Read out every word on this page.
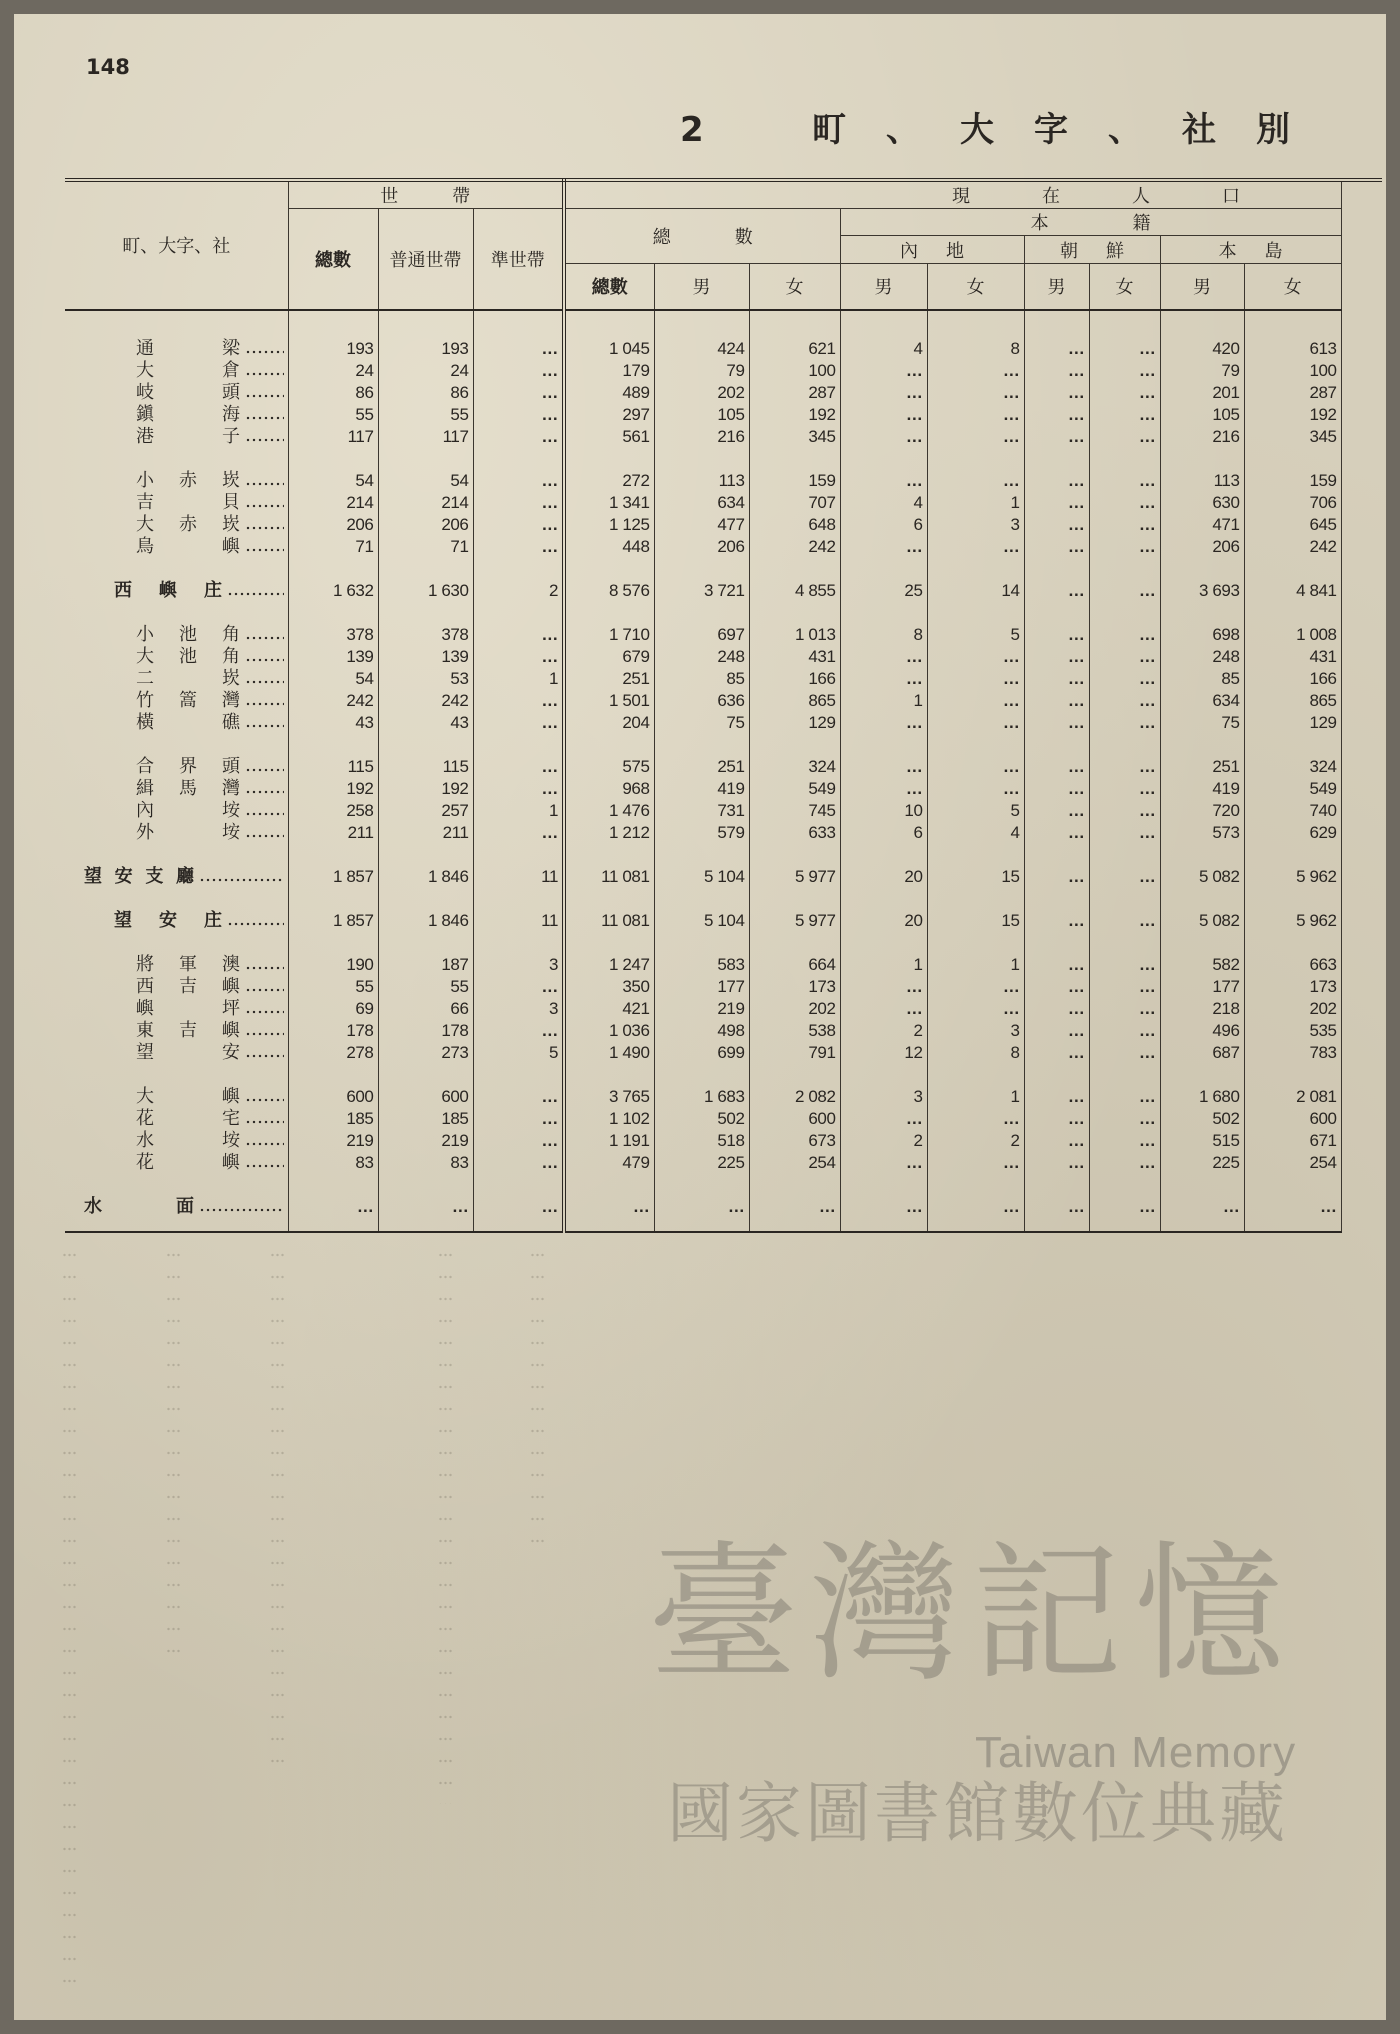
148
2	町、大字、社別
町、大字、社	世帶			現在人口								
	總數	普通世帶	準世帶	總數			本籍					
							內地		朝鮮		本島	
				總數	男	女	男	女	男	女	男	女

通梁	193	193	…	1 045	424	621	4	8	…	…	420	613

大倉	24	24	…	179	79	100	…	…	…	…	79	100

岐頭	86	86	…	489	202	287	…	…	…	…	201	287

鎭海	55	55	…	297	105	192	…	…	…	…	105	192

港子	117	117	…	561	216	345	…	…	…	…	216	345

小赤崁	54	54	…	272	113	159	…	…	…	…	113	159

吉貝	214	214	…	1 341	634	707	4	1	…	…	630	706

大赤崁	206	206	…	1 125	477	648	6	3	…	…	471	645

鳥嶼	71	71	…	448	206	242	…	…	…	…	206	242

西嶼庄	1 632	1 630	2	8 576	3 721	4 855	25	14	…	…	3 693	4 841

小池角	378	378	…	1 710	697	1 013	8	5	…	…	698	1 008

大池角	139	139	…	679	248	431	…	…	…	…	248	431

二崁	54	53	1	251	85	166	…	…	…	…	85	166

竹篙灣	242	242	…	1 501	636	865	1	…	…	…	634	865

橫礁	43	43	…	204	75	129	…	…	…	…	75	129

合界頭	115	115	…	575	251	324	…	…	…	…	251	324

緝馬灣	192	192	…	968	419	549	…	…	…	…	419	549

內垵	258	257	1	1 476	731	745	10	5	…	…	720	740

外垵	211	211	…	1 212	579	633	6	4	…	…	573	629

望安支廳	1 857	1 846	11	11 081	5 104	5 977	20	15	…	…	5 082	5 962

望安庄	1 857	1 846	11	11 081	5 104	5 977	20	15	…	…	5 082	5 962

將軍澳	190	187	3	1 247	583	664	1	1	…	…	582	663

西吉嶼	55	55	…	350	177	173	…	…	…	…	177	173

嶼坪	69	66	3	421	219	202	…	…	…	…	218	202

東吉嶼	178	178	…	1 036	498	538	2	3	…	…	496	535

望安	278	273	5	1 490	699	791	12	8	…	…	687	783

大嶼	600	600	…	3 765	1 683	2 082	3	1	…	…	1 680	2 081

花宅	185	185	…	1 102	502	600	…	…	…	…	502	600

水垵	219	219	…	1 191	518	673	2	2	…	…	515	671

花嶼	83	83	…	479	225	254	…	…	…	…	225	254

水面	…	…	…	…	…	…	…	…	…	…	…	…

臺灣記憶
Taiwan Memory
國家圖書館數位典藏
